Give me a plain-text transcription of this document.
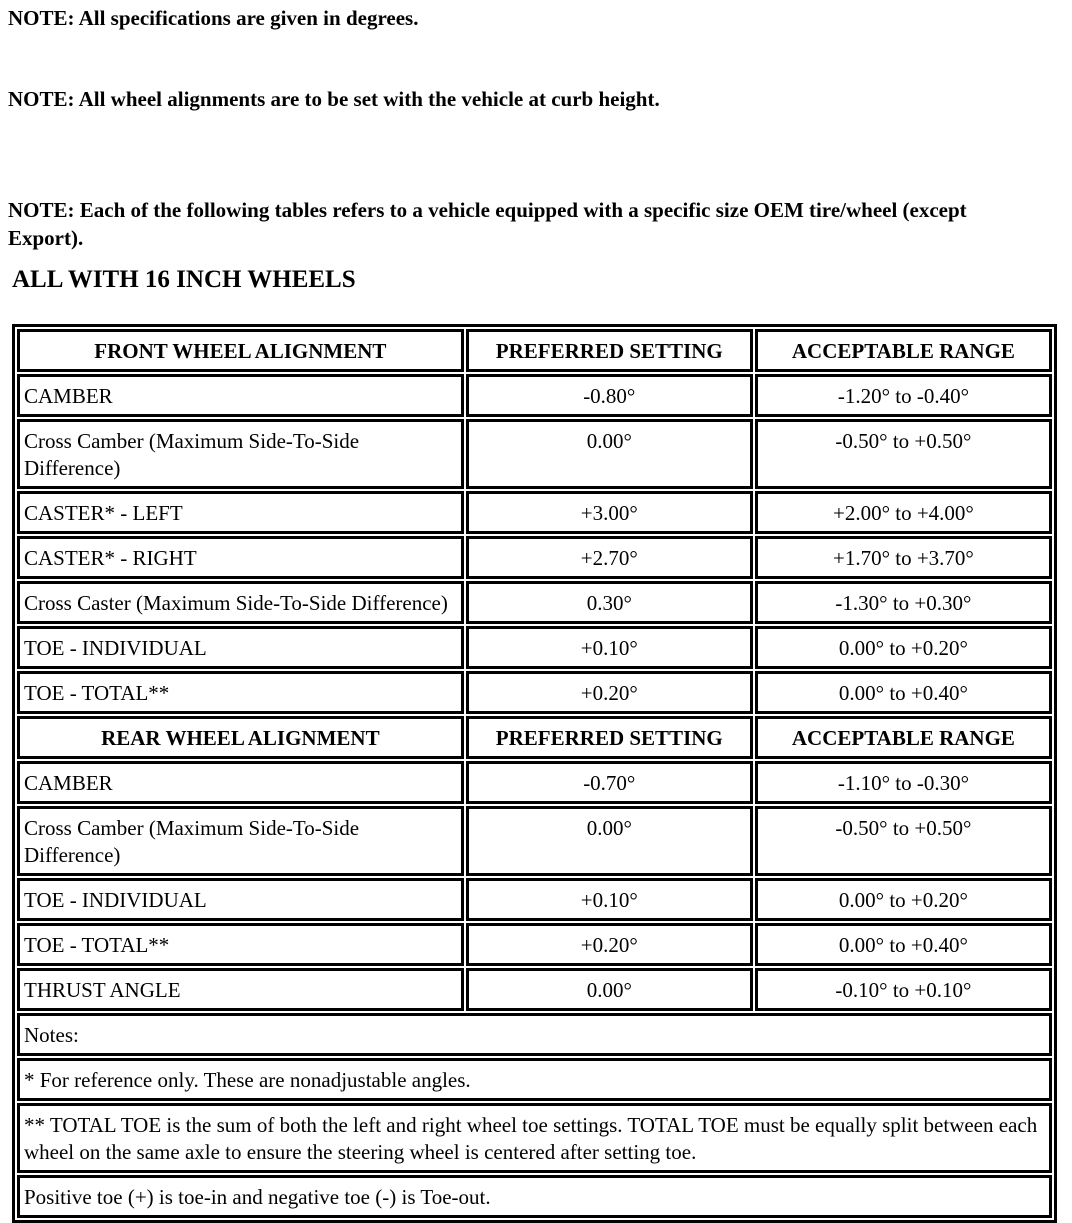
NOTE: All specifications are given in degrees.

NOTE: All wheel alignments are to be set with the vehicle at curb height.

NOTE: Each of the following tables refers to a vehicle equipped with a specific size OEM tire/wheel (except Export).

ALL WITH 16 INCH WHEELS
FRONT WHEEL ALIGNMENT	PREFERRED SETTING	ACCEPTABLE RANGE
CAMBER	-0.80°	-1.20° to -0.40°
Cross Camber (Maximum Side-To-Side Difference)	0.00°	-0.50° to +0.50°
CASTER* - LEFT	+3.00°	+2.00° to +4.00°
CASTER* - RIGHT	+2.70°	+1.70° to +3.70°
Cross Caster (Maximum Side-To-Side Difference)	0.30°	-1.30° to +0.30°
TOE - INDIVIDUAL	+0.10°	0.00° to +0.20°
TOE - TOTAL**	+0.20°	0.00° to +0.40°
REAR WHEEL ALIGNMENT	PREFERRED SETTING	ACCEPTABLE RANGE
CAMBER	-0.70°	-1.10° to -0.30°
Cross Camber (Maximum Side-To-Side Difference)	0.00°	-0.50° to +0.50°
TOE - INDIVIDUAL	+0.10°	0.00° to +0.20°
TOE - TOTAL**	+0.20°	0.00° to +0.40°
THRUST ANGLE	0.00°	-0.10° to +0.10°
Notes:		
* For reference only. These are nonadjustable angles.		
** TOTAL TOE is the sum of both the left and right wheel toe settings. TOTAL TOE must be equally split between each wheel on the same axle to ensure the steering wheel is centered after setting toe.		
Positive toe (+) is toe-in and negative toe (-) is Toe-out.		
